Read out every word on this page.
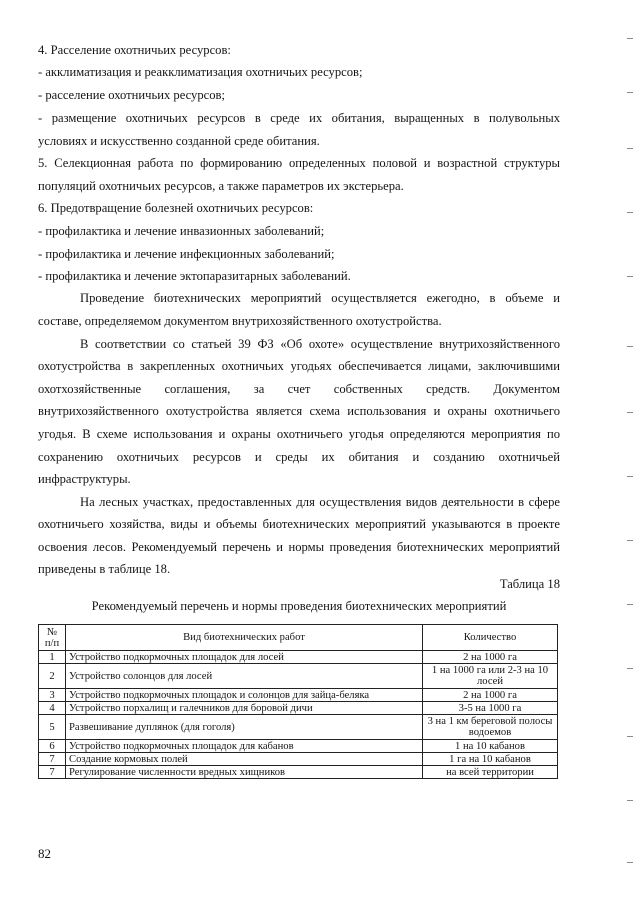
4. Расселение охотничьих ресурсов:
- акклиматизация и реакклиматизация охотничьих ресурсов;
- расселение охотничьих ресурсов;
- размещение охотничьих ресурсов в среде их обитания, выращенных в полувольных
условиях и искусственно созданной среде обитания.
5. Селекционная работа по формированию определенных половой и возрастной структуры
популяций охотничьих ресурсов, а также параметров их экстерьера.
6. Предотвращение болезней охотничьих ресурсов:
- профилактика и лечение инвазионных заболеваний;
- профилактика и лечение инфекционных заболеваний;
- профилактика и лечение эктопаразитарных заболеваний.
Проведение биотехнических мероприятий осуществляется ежегодно, в объеме и
составе, определяемом документом внутрихозяйственного охотустройства.
В соответствии со статьей 39 ФЗ «Об охоте» осуществление внутрихозяйственного
охотустройства в закрепленных охотничьих угодьях обеспечивается лицами, заключившими
охотхозяйственные соглашения, за счет собственных средств. Документом
внутрихозяйственного охотустройства является схема использования и охраны охотничьего
угодья. В схеме использования и охраны охотничьего угодья определяются мероприятия по
сохранению охотничьих ресурсов и среды их обитания и созданию охотничьей
инфраструктуры.
На лесных участках, предоставленных для осуществления видов деятельности в сфере
охотничьего хозяйства, виды и объемы биотехнических мероприятий указываются в проекте
освоения лесов. Рекомендуемый перечень и нормы проведения биотехнических мероприятий
приведены в таблице 18.
Таблица 18
Рекомендуемый перечень и нормы проведения биотехнических мероприятий
№ п/п	Вид биотехнических работ	Количество
1	Устройство подкормочных площадок для лосей	2 на 1000 га
2	Устройство солонцов для лосей	1 на 1000 га или 2-3 на 10 лосей
3	Устройство подкормочных площадок и солонцов для зайца-беляка	2 на 1000 га
4	Устройство порхалищ и галечников для боровой дичи	3-5 на 1000 га
5	Развешивание дуплянок (для гоголя)	3 на 1 км береговой полосы водоемов
6	Устройство подкормочных площадок для кабанов	1 на 10 кабанов
7	Создание кормовых полей	1 га на 10 кабанов
7	Регулирование численности вредных хищников	на всей территории
82
